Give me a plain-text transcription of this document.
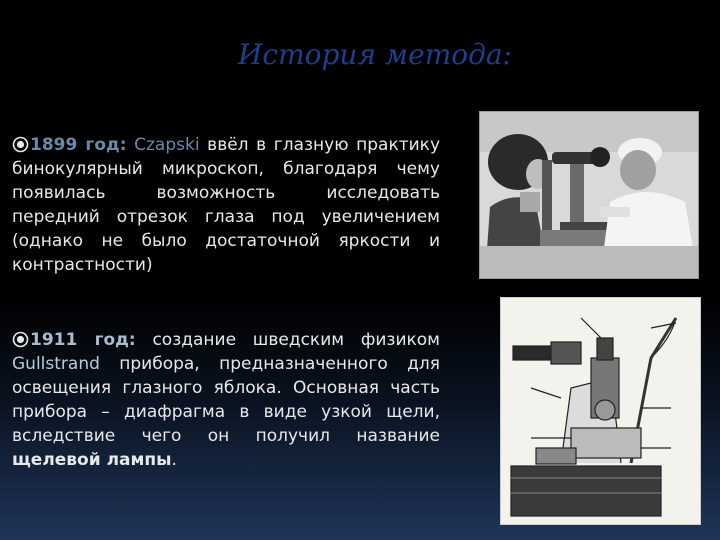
История метода:
1899 год: Czapski ввёл в глазную практику бинокулярный микроскоп, благодаря чему появилась возможность исследовать передний отрезок глаза под увеличением (однако не было достаточной яркости и контрастности)
1911 год: создание шведским физиком Gullstrand прибора, предназначенного для освещения глазного яблока. Основная часть прибора – диафрагма в виде узкой щели, вследствие чего он получил название щелевой лампы.
